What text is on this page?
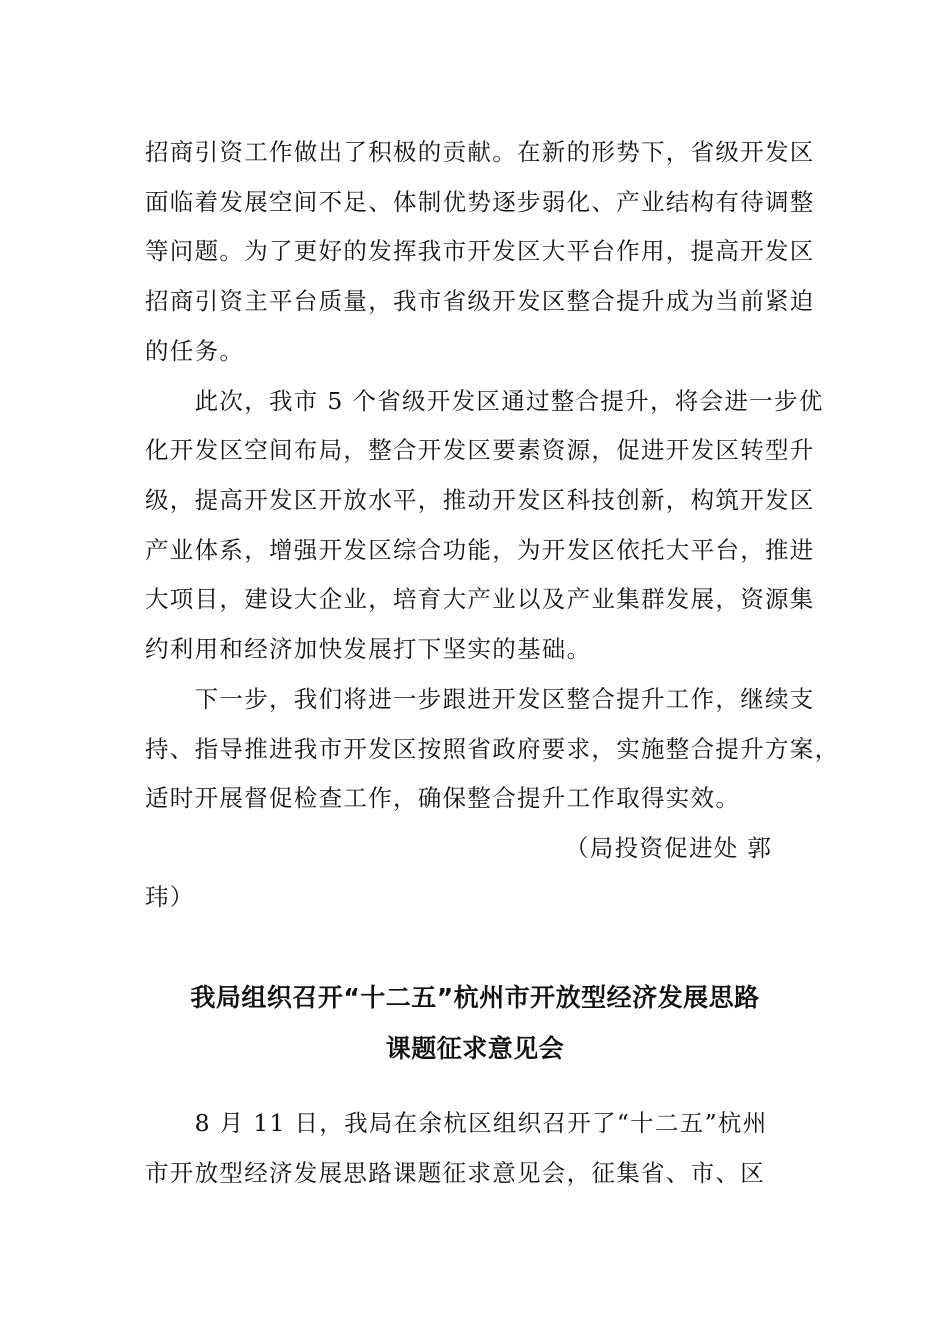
招商引资工作做出了积极的贡献。在新的形势下，省级开发区
面临着发展空间不足、体制优势逐步弱化、产业结构有待调整
等问题。为了更好的发挥我市开发区大平台作用，提高开发区
招商引资主平台质量，我市省级开发区整合提升成为当前紧迫
的任务。
　　此次，我市 5 个省级开发区通过整合提升，将会进一步优
化开发区空间布局，整合开发区要素资源，促进开发区转型升
级，提高开发区开放水平，推动开发区科技创新，构筑开发区
产业体系，增强开发区综合功能，为开发区依托大平台，推进
大项目，建设大企业，培育大产业以及产业集群发展，资源集
约利用和经济加快发展打下坚实的基础。
　　下一步，我们将进一步跟进开发区整合提升工作，继续支
持、指导推进我市开发区按照省政府要求，实施整合提升方案，
适时开展督促检查工作，确保整合提升工作取得实效。
（局投资促进处 郭
玮）
我局组织召开“十二五”杭州市开放型经济发展思路
课题征求意见会
　　8 月 11 日，我局在余杭区组织召开了“十二五”杭州
市开放型经济发展思路课题征求意见会，征集省、市、区
